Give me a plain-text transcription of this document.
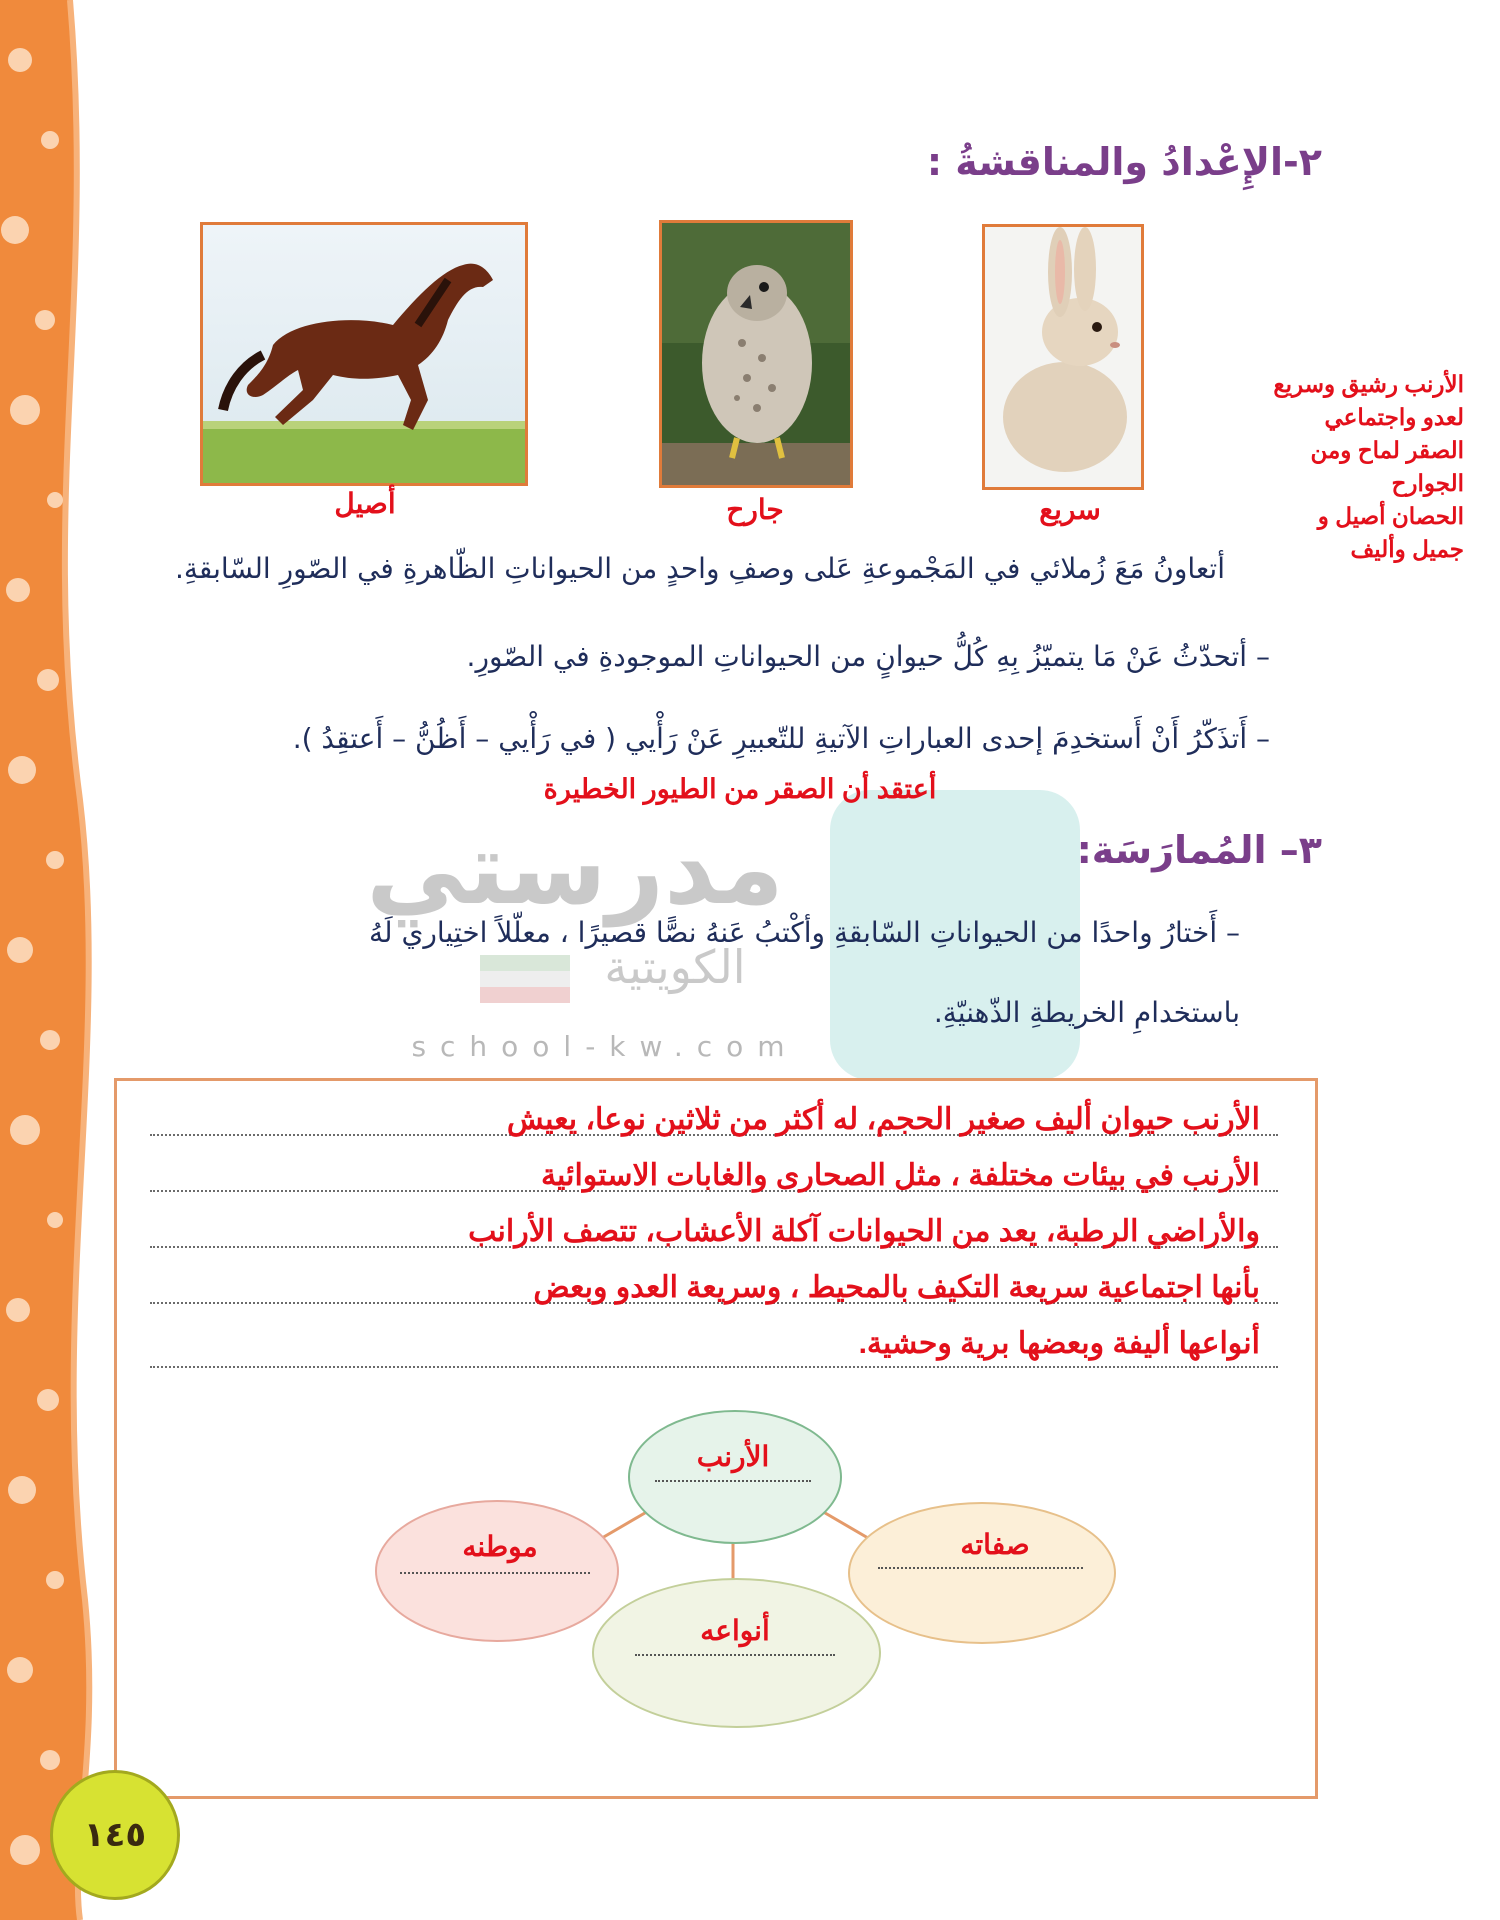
مدرستي
الكويتية
school-kw.com
٢-الإِعْدادُ والمناقشةُ :
أصيل	جارح	سريع
الأرنب رشيق وسريع
لعدو واجتماعي
الصقر لماح ومن
الجوارح
الحصان أصيل و
جميل وأليف
أتعاونُ مَعَ زُملائي في المَجْموعةِ عَلى وصفِ واحدٍ من الحيواناتِ الظّاهرةِ في الصّورِ السّابقةِ.
– أتحدّثُ عَنْ مَا يتميّزُ بِهِ كُلُّ حيوانٍ من الحيواناتِ الموجودةِ في الصّورِ.
– أَتذَكّرُ أَنْ أَستخدِمَ إحدى العباراتِ الآتيةِ للتّعبيرِ عَنْ رَأْيي ( في رَأْيي – أَظُنُّ – أَعتقِدُ ).
أعتقد أن الصقر من الطيور الخطيرة
٣– المُمارَسَة:
– أَختارُ واحدًا من الحيواناتِ السّابقةِ وأكْتبُ عَنهُ نصًّا قصيرًا ، معلّلاً اختِياري لَهُ
باستخدامِ الخريطةِ الذّهنيّةِ.
الأرنب حيوان أليف صغير الحجم، له أكثر من ثلاثين نوعا، يعيش
الأرنب في بيئات مختلفة ، مثل الصحارى والغابات الاستوائية
والأراضي الرطبة، يعد من الحيوانات آكلة الأعشاب، تتصف الأرانب
بأنها اجتماعية سريعة التكيف بالمحيط ، وسريعة العدو وبعض
أنواعها أليفة وبعضها برية وحشية.
الأرنب
موطنه	صفاته
أنواعه
١٤٥
